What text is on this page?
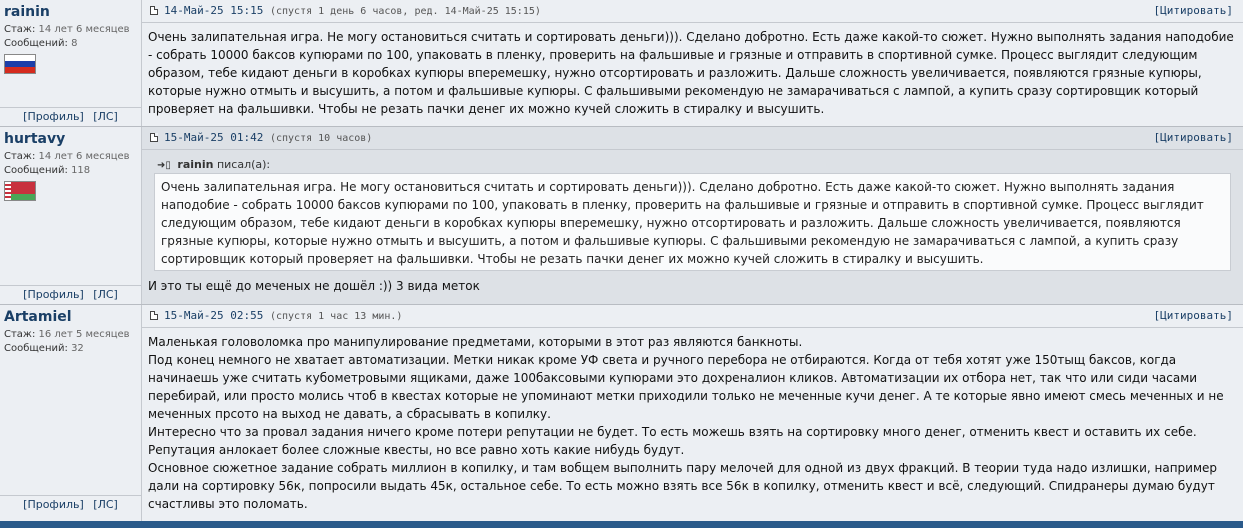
rainin
Стаж: 14 лет 6 месяцев
Сообщений: 8
[Профиль] [ЛС]
14-Май-25 15:15 (спустя 1 день 6 часов, ред. 14-Май-25 15:15)	[Цитировать]
Очень залипательная игра. Не могу остановиться считать и сортировать деньги))). Сделано добротно. Есть даже какой-то сюжет. Нужно выполнять задания наподобие - собрать 10000 баксов купюрами по 100, упаковать в пленку, проверить на фальшивые и грязные и отправить в спортивной сумке. Процесс выглядит следующим образом, тебе кидают деньги в коробках купюры вперемешку, нужно отсортировать и разложить. Дальше сложность увеличивается, появляются грязные купюры, которые нужно отмыть и высушить, а потом и фальшивые купюры. С фальшивыми рекомендую не замарачиваться с лампой, а купить сразу сортировщик который проверяет на фальшивки. Чтобы не резать пачки денег их можно кучей сложить в стиралку и высушить.
hurtavy
Стаж: 14 лет 6 месяцев
Сообщений: 118
[Профиль] [ЛС]
15-Май-25 01:42 (спустя 10 часов)	[Цитировать]
➜▯ rainin писал(а):
Очень залипательная игра. Не могу остановиться считать и сортировать деньги))). Сделано добротно. Есть даже какой-то сюжет. Нужно выполнять задания наподобие - собрать 10000 баксов купюрами по 100, упаковать в пленку, проверить на фальшивые и грязные и отправить в спортивной сумке. Процесс выглядит следующим образом, тебе кидают деньги в коробках купюры вперемешку, нужно отсортировать и разложить. Дальше сложность увеличивается, появляются грязные купюры, которые нужно отмыть и высушить, а потом и фальшивые купюры. С фальшивыми рекомендую не замарачиваться с лампой, а купить сразу сортировщик который проверяет на фальшивки. Чтобы не резать пачки денег их можно кучей сложить в стиралку и высушить.
И это ты ещё до меченых не дошёл :)) 3 вида меток
Artamiel
Стаж: 16 лет 5 месяцев
Сообщений: 32
[Профиль] [ЛС]
15-Май-25 02:55 (спустя 1 час 13 мин.)	[Цитировать]
Маленькая головоломка про манипулирование предметами, которыми в этот раз являются банкноты.
Под конец немного не хватает автоматизации. Метки никак кроме УФ света и ручного перебора не отбираются. Когда от тебя хотят уже 150тыщ баксов, когда начинаешь уже считать кубометровыми ящиками, даже 100баксовыми купюрами это дохреналион кликов. Автоматизации их отбора нет, так что или сиди часами перебирай, или просто молись чтоб в квестах которые не упоминают метки приходили только не меченные кучи денег. А те которые явно имеют смесь меченных и не меченных прсото на выход не давать, а сбрасывать в копилку.
Интересно что за провал задания ничего кроме потери репутации не будет. То есть можешь взять на сортировку много денег, отменить квест и оставить их себе. Репутация анлокает более сложные квесты, но все равно хоть какие нибудь будут.
Основное сюжетное задание собрать миллион в копилку, и там вобщем выполнить пару мелочей для одной из двух фракций. В теории туда надо излишки, например дали на сортировку 56к, попросили выдать 45к, остальное себе. То есть можно взять все 56к в копилку, отменить квест и всё, следующий. Спидранеры думаю будут счастливы это поломать.
